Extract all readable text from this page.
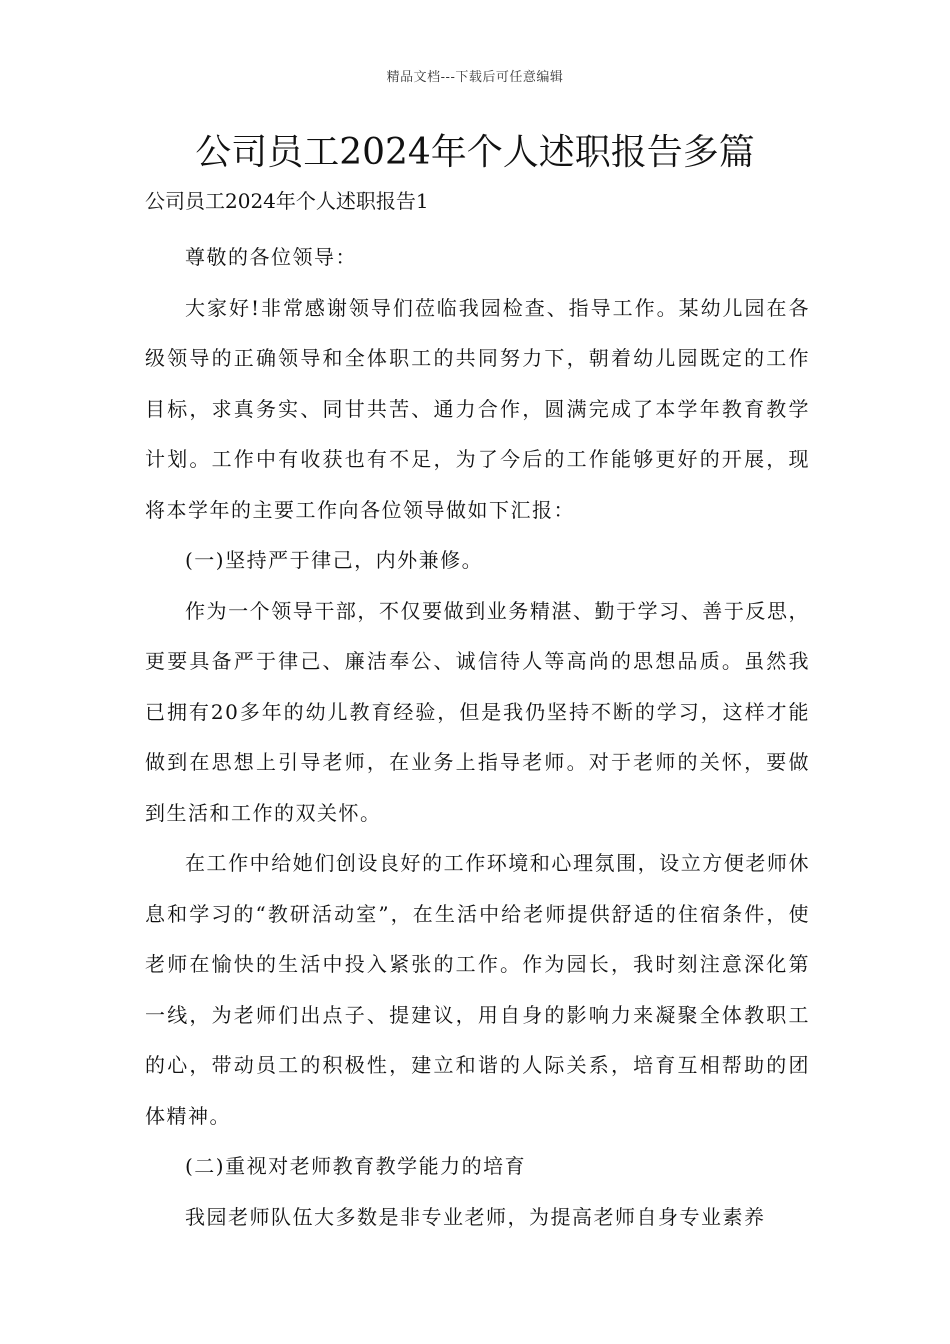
精品文档---下载后可任意编辑
公司员工2024年个人述职报告多篇

公司员工2024年个人述职报告1

尊敬的各位领导：

大家好!非常感谢领导们莅临我园检查、指导工作。某幼儿园在各级领导的正确领导和全体职工的共同努力下，朝着幼儿园既定的工作目标，求真务实、同甘共苦、通力合作，圆满完成了本学年教育教学计划。工作中有收获也有不足，为了今后的工作能够更好的开展，现将本学年的主要工作向各位领导做如下汇报：

(一)坚持严于律己，内外兼修。

作为一个领导干部，不仅要做到业务精湛、勤于学习、善于反思，更要具备严于律己、廉洁奉公、诚信待人等高尚的思想品质。虽然我已拥有20多年的幼儿教育经验，但是我仍坚持不断的学习，这样才能做到在思想上引导老师，在业务上指导老师。对于老师的关怀，要做到生活和工作的双关怀。

在工作中给她们创设良好的工作环境和心理氛围，设立方便老师休息和学习的“教研活动室”，在生活中给老师提供舒适的住宿条件，使老师在愉快的生活中投入紧张的工作。作为园长，我时刻注意深化第一线，为老师们出点子、提建议，用自身的影响力来凝聚全体教职工的心，带动员工的积极性，建立和谐的人际关系，培育互相帮助的团体精神。

(二)重视对老师教育教学能力的培育

我园老师队伍大多数是非专业老师，为提高老师自身专业素养
